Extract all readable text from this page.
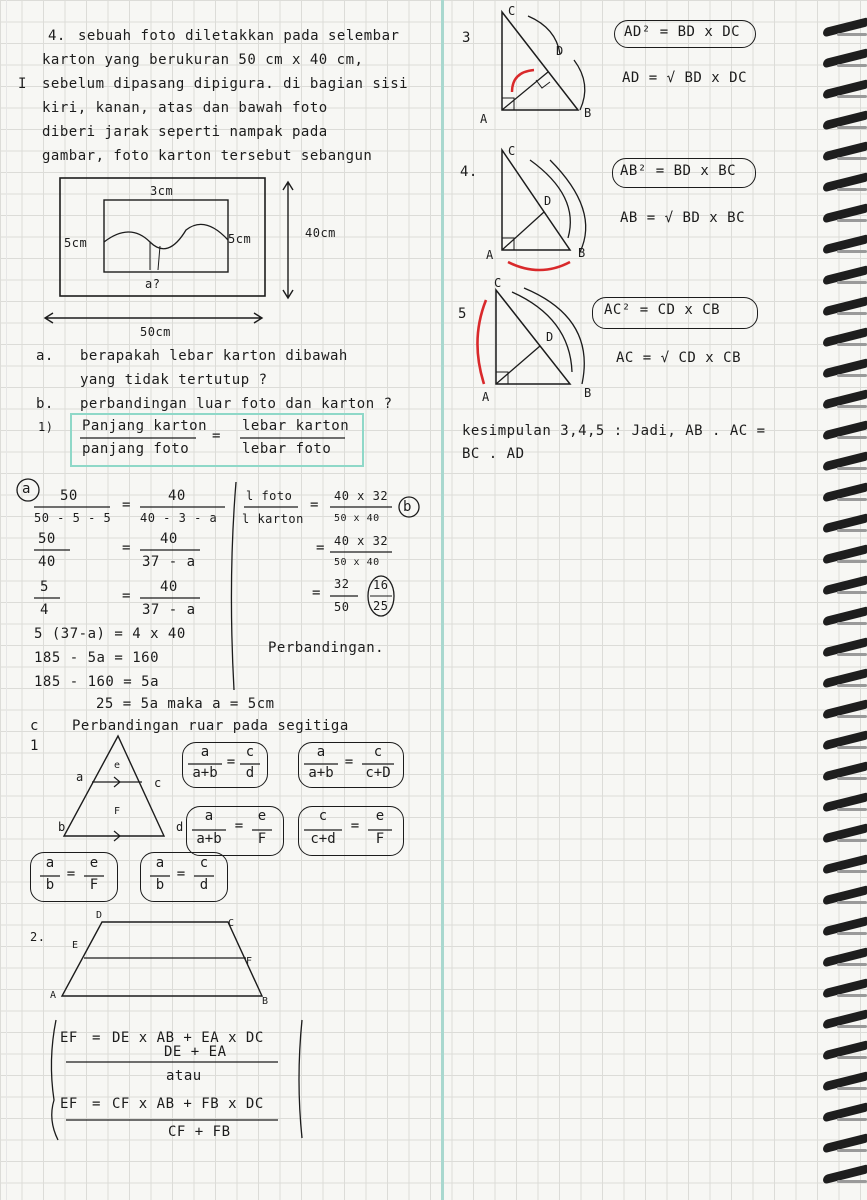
4. sebuah foto diletakkan pada selembar
karton yang berukuran 50 cm x 40 cm,
sebelum dipasang dipigura. di bagian sisi
I
kiri, kanan, atas dan bawah foto
diberi jarak seperti nampak pada
gambar, foto karton tersebut sebangun
3cm
5cm	5cm
a?
40cm
50cm
a. berapakah lebar karton dibawah
yang tidak tertutup ?
b. perbandingan luar foto dan karton ?
1) Panjang karton
panjang foto
=
lebar karton
lebar foto
a 50
50 - 5 - 5
=
40
40 - 3 - a
50
40
=
40
37 - a
5
4
=
40
37 - a
5 (37-a) = 4 x 40
185 - 5a = 160
185 - 160 = 5a
25 = 5a maka a = 5cm
l foto
l karton
=
40 x 32
50 x 40
= 40 x 32
50 x 40
=
32
50
16
25
b
Perbandingan.
c Perbandingan ruar pada segitiga
1
a
e
c
b
F
d
a
a+b
=
c
d
a
a+b
=
c
c+D
a
a+b
=
e
F
c
c+d
=
e
F
a
b
=
e
F
a
b
=
c
d
2.
D
C
E
F
A
B
EF = DE x AB + EA x DC
DE + EA
atau
EF = CF x AB + FB x DC
CF + FB
3
A	B
C
D
4.
A	B
C
D
5
A	B
C
D
AD² = BD x DC
AD = √ BD x DC
AB² = BD x BC
AB = √ BD x BC
AC² = CD x CB
AC = √ CD x CB
kesimpulan 3,4,5 : Jadi, AB . AC =
BC . AD
